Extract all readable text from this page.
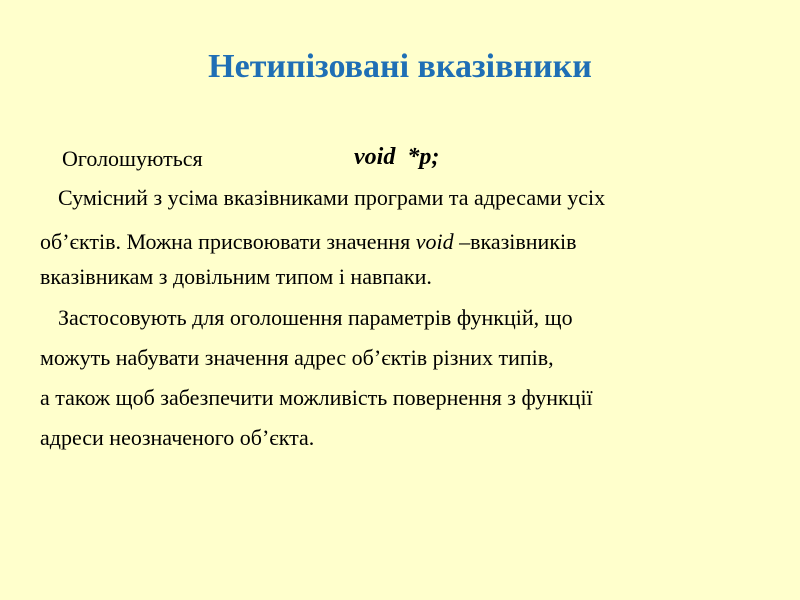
Нетипізовані вказівники
Оголошуються	void  *p;
Сумісний з усіма вказівниками програми та адресами усіх
об’єктів. Можна присвоювати значення void –вказівників
вказівникам з довільним типом і навпаки.
Застосовують для оголошення параметрів функцій, що
можуть набувати значення адрес об’єктів різних типів,
а також щоб забезпечити можливість повернення з функції
адреси неозначеного об’єкта.
